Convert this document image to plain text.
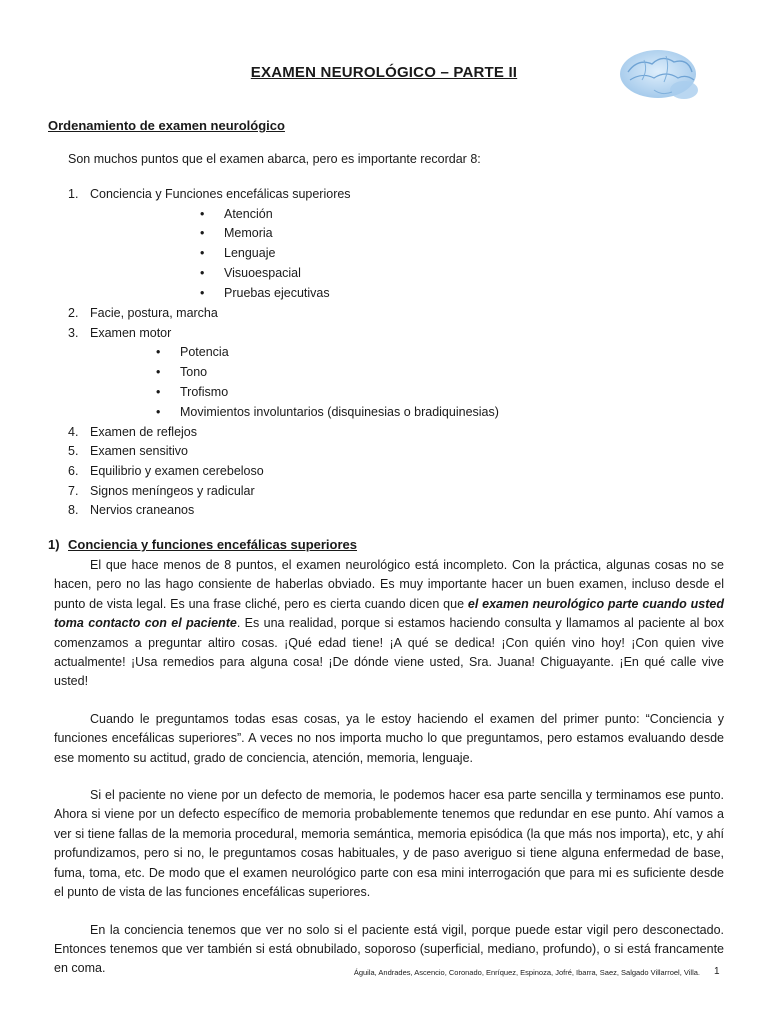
EXAMEN NEUROLÓGICO – PARTE II
Ordenamiento de examen neurológico
Son muchos puntos que el examen abarca, pero es importante recordar 8:
1. Conciencia y Funciones encefálicas superiores
•	Atención
•	Memoria
•	Lenguaje
•	Visuoespacial
•	Pruebas ejecutivas
2. Facie, postura, marcha
3. Examen motor
•	Potencia
•	Tono
•	Trofismo
•	Movimientos involuntarios (disquinesias o bradiquinesias)
4. Examen de reflejos
5. Examen sensitivo
6. Equilibrio y examen cerebeloso
7. Signos meníngeos y radicular
8. Nervios craneanos
1) Conciencia y funciones encefálicas superiores

El que hace menos de 8 puntos, el examen neurológico está incompleto. Con la práctica, algunas cosas no se hacen, pero no las hago consiente de haberlas obviado. Es muy importante hacer un buen examen, incluso desde el punto de vista legal. Es una frase cliché, pero es cierta cuando dicen que el examen neurológico parte cuando usted toma contacto con el paciente. Es una realidad, porque si estamos haciendo consulta y llamamos al paciente al box comenzamos a preguntar altiro cosas. ¡Qué edad tiene! ¡A qué se dedica! ¡Con quién vino hoy! ¡Con quien vive actualmente! ¡Usa remedios para alguna cosa! ¡De dónde viene usted, Sra. Juana! Chiguayante. ¡En qué calle vive usted!

Cuando le preguntamos todas esas cosas, ya le estoy haciendo el examen del primer punto: “Conciencia y funciones encefálicas superiores”. A veces no nos importa mucho lo que preguntamos, pero estamos evaluando desde ese momento su actitud, grado de conciencia, atención, memoria, lenguaje.

Si el paciente no viene por un defecto de memoria, le podemos hacer esa parte sencilla y terminamos ese punto. Ahora si viene por un defecto específico de memoria probablemente tenemos que redundar en ese punto. Ahí vamos a ver si tiene fallas de la memoria procedural, memoria semántica, memoria episódica (la que más nos importa), etc, y ahí profundizamos, pero si no, le preguntamos cosas habituales, y de paso averiguo si tiene alguna enfermedad de base, fuma, toma, etc. De modo que el examen neurológico parte con esa mini interrogación que para mi es suficiente desde el punto de vista de las funciones encefálicas superiores.

En la conciencia tenemos que ver no solo si el paciente está vigil, porque puede estar vigil pero desconectado. Entonces tenemos que ver también si está obnubilado, soporoso (superficial, mediano, profundo), o si está francamente en coma.	Águila, Andrades, Ascencio, Coronado, Enríquez, Espinoza, Jofré, Ibarra, Saez, Salgado Villarroel, Villa. 1
